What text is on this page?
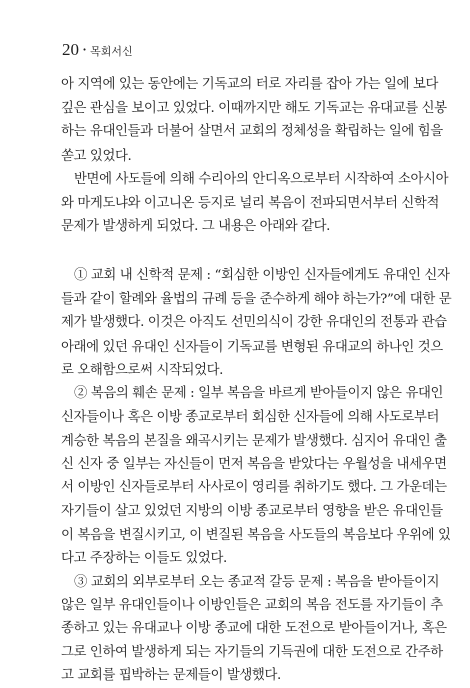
20 · 목회서신
아 지역에 있는 동안에는 기독교의 터로 자리를 잡아 가는 일에 보다
깊은 관심을 보이고 있었다. 이때까지만 해도 기독교는 유대교를 신봉
하는 유대인들과 더불어 살면서 교회의 정체성을 확립하는 일에 힘을
쏟고 있었다.
반면에 사도들에 의해 수리아의 안디옥으로부터 시작하여 소아시아
와 마게도냐와 이고니온 등지로 널리 복음이 전파되면서부터 신학적
문제가 발생하게 되었다. 그 내용은 아래와 같다.
① 교회 내 신학적 문제 : “회심한 이방인 신자들에게도 유대인 신자
들과 같이 할례와 율법의 규례 등을 준수하게 해야 하는가?”에 대한 문
제가 발생했다. 이것은 아직도 선민의식이 강한 유대인의 전통과 관습
아래에 있던 유대인 신자들이 기독교를 변형된 유대교의 하나인 것으
로 오해함으로써 시작되었다.
② 복음의 훼손 문제 : 일부 복음을 바르게 받아들이지 않은 유대인
신자들이나 혹은 이방 종교로부터 회심한 신자들에 의해 사도로부터
계승한 복음의 본질을 왜곡시키는 문제가 발생했다. 심지어 유대인 출
신 신자 중 일부는 자신들이 먼저 복음을 받았다는 우월성을 내세우면
서 이방인 신자들로부터 사사로이 영리를 취하기도 했다. 그 가운데는
자기들이 살고 있었던 지방의 이방 종교로부터 영향을 받은 유대인들
이 복음을 변질시키고, 이 변질된 복음을 사도들의 복음보다 우위에 있
다고 주장하는 이들도 있었다.
③ 교회의 외부로부터 오는 종교적 갈등 문제 : 복음을 받아들이지
않은 일부 유대인들이나 이방인들은 교회의 복음 전도를 자기들이 추
종하고 있는 유대교나 이방 종교에 대한 도전으로 받아들이거나, 혹은
그로 인하여 발생하게 되는 자기들의 기득권에 대한 도전으로 간주하
고 교회를 핍박하는 문제들이 발생했다.
